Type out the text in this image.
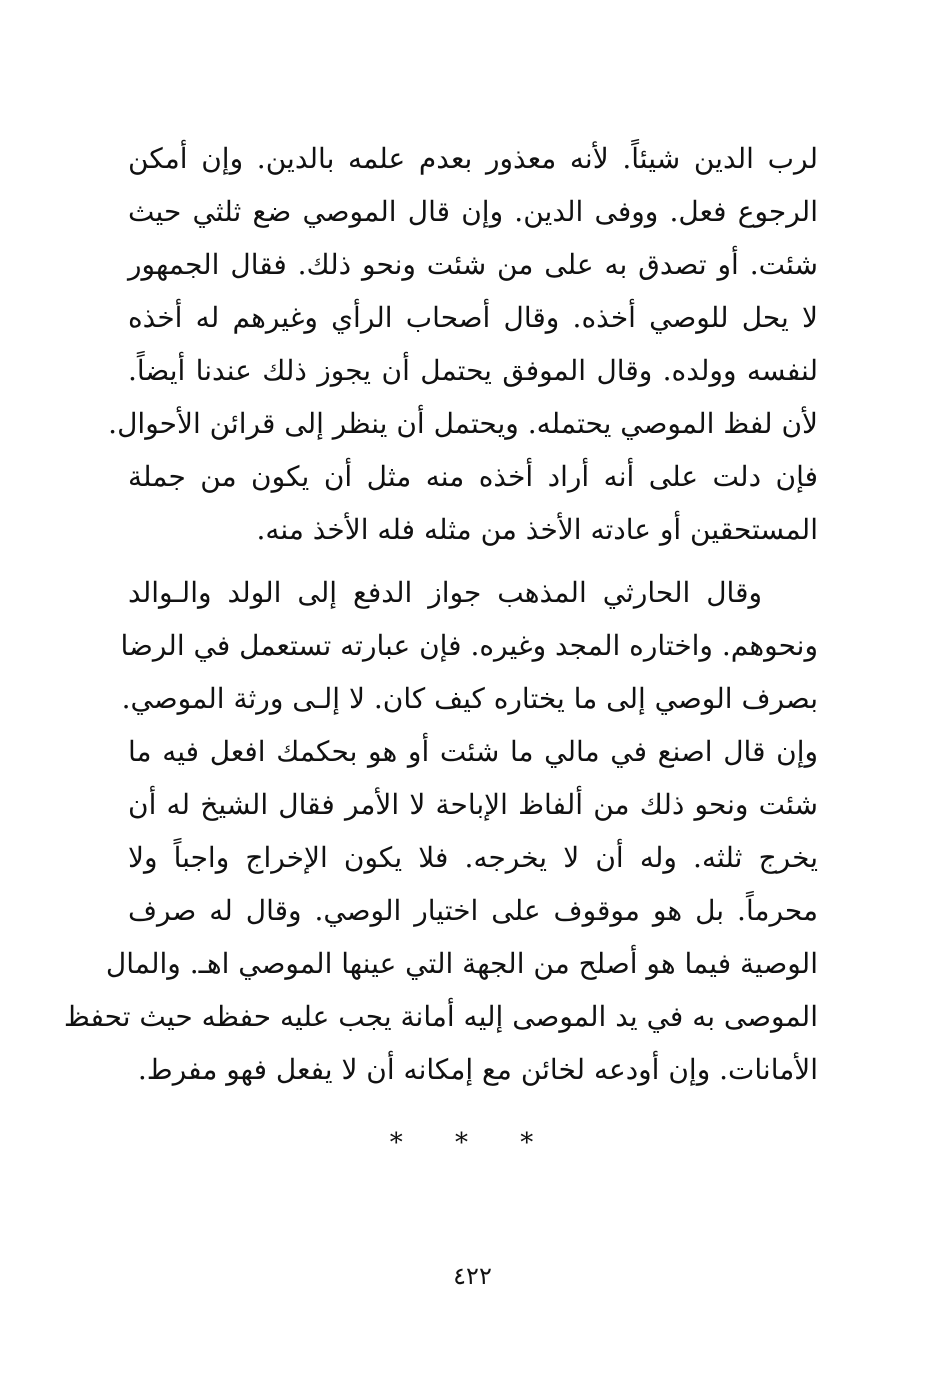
لرب الدين شيئاً. لأنه معذور بعدم علمه بالدين. وإن أمكن
الرجوع فعل. ووفى الدين. وإن قال الموصي ضع ثلثي حيث
شئت. أو تصدق به على من شئت ونحو ذلك. فقال الجمهور
لا يحل للوصي أخذه. وقال أصحاب الرأي وغيرهم له أخذه
لنفسه وولده. وقال الموفق يحتمل أن يجوز ذلك عندنا أيضاً.
لأن لفظ الموصي يحتمله. ويحتمل أن ينظر إلى قرائن الأحوال.
فإن دلت على أنه أراد أخذه منه مثل أن يكون من جملة
المستحقين أو عادته الأخذ من مثله فله الأخذ منه.
وقال الحارثي المذهب جواز الدفع إلى الولد والـوالد
ونحوهم. واختاره المجد وغيره. فإن عبارته تستعمل في الرضا
بصرف الوصي إلى ما يختاره كيف كان. لا إلـى ورثة الموصي.
وإن قال اصنع في مالي ما شئت أو هو بحكمك افعل فيه ما
شئت ونحو ذلك من ألفاظ الإباحة لا الأمر فقال الشيخ له أن
يخرج ثلثه. وله أن لا يخرجه. فلا يكون الإخراج واجباً ولا
محرماً. بل هو موقوف على اختيار الوصي. وقال له صرف
الوصية فيما هو أصلح من الجهة التي عينها الموصي اهـ. والمال
الموصى به في يد الموصى إليه أمانة يجب عليه حفظه حيث تحفظ
الأمانات. وإن أودعه لخائن مع إمكانه أن لا يفعل فهو مفرط.
* * *
٤٢٢
